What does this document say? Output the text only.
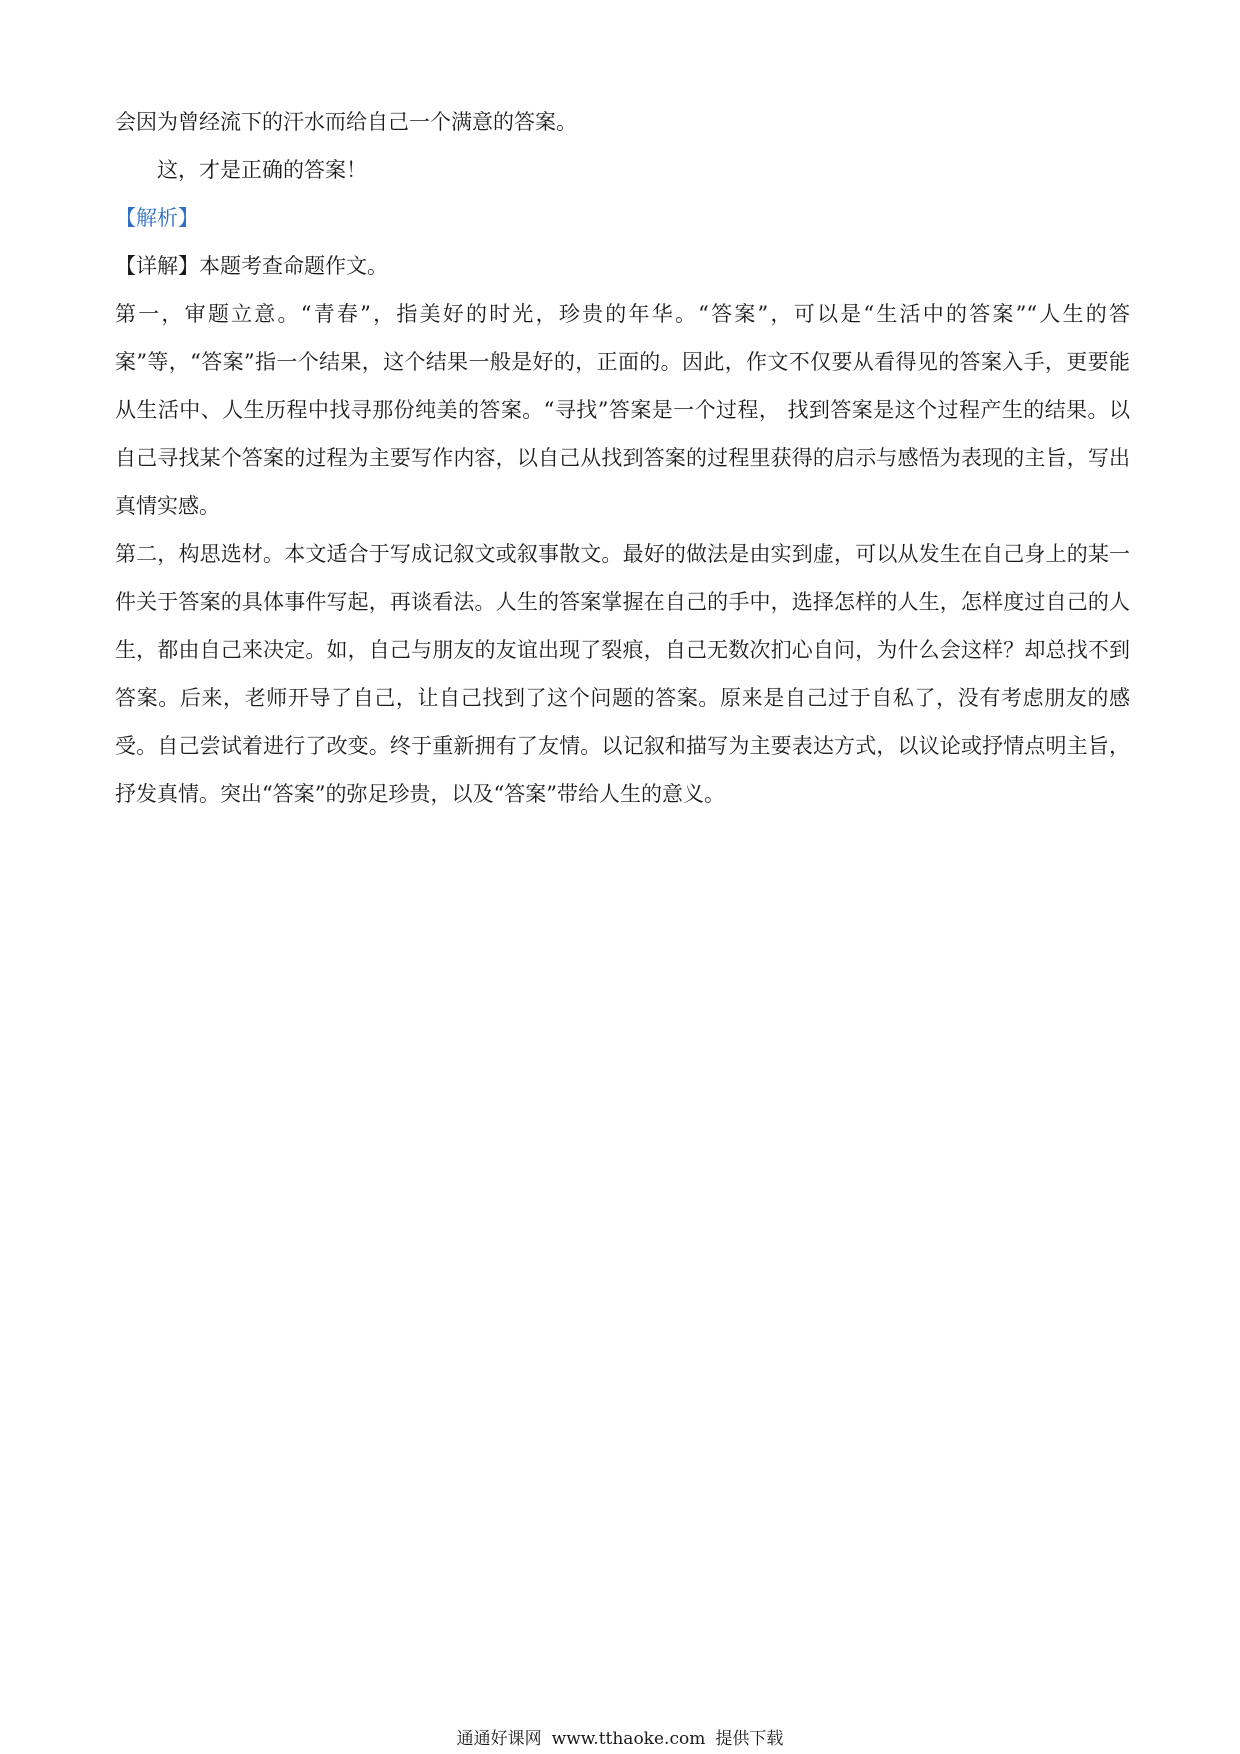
会因为曾经流下的汗水而给自己一个满意的答案。

这，才是正确的答案！

【解析】

【详解】本题考查命题作文。

第一，审题立意。“青春”，指美好的时光，珍贵的年华。“答案”，可以是“生活中的答案”“人生的答案”等，“答案”指一个结果，这个结果一般是好的，正面的。因此，作文不仅要从看得见的答案入手，更要能从生活中、人生历程中找寻那份纯美的答案。“寻找”答案是一个过程， 找到答案是这个过程产生的结果。以自己寻找某个答案的过程为主要写作内容，以自己从找到答案的过程里获得的启示与感悟为表现的主旨，写出真情实感。

第二，构思选材。本文适合于写成记叙文或叙事散文。最好的做法是由实到虚，可以从发生在自己身上的某一件关于答案的具体事件写起，再谈看法。人生的答案掌握在自己的手中，选择怎样的人生，怎样度过自己的人生，都由自己来决定。如，自己与朋友的友谊出现了裂痕，自己无数次扪心自问，为什么会这样？却总找不到答案。后来，老师开导了自己，让自己找到了这个问题的答案。原来是自己过于自私了，没有考虑朋友的感受。自己尝试着进行了改变。终于重新拥有了友情。以记叙和描写为主要表达方式，以议论或抒情点明主旨，抒发真情。突出“答案”的弥足珍贵，以及“答案”带给人生的意义。

通通好课网 www.tthaoke.com 提供下载
